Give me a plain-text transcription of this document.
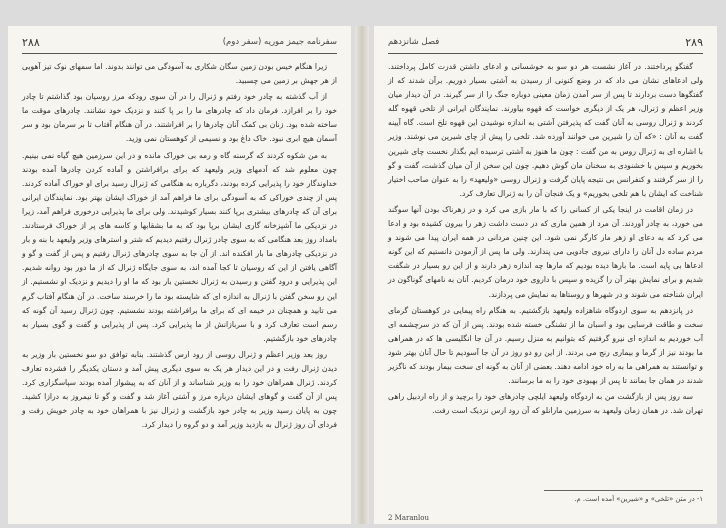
سفرنامه جیمز موریه (سفر دوم)
۲۸۸

زیرا هنگام خیس بودن زمین سگان شکاری به آسودگی می توانند بدوند. اما سمهای نوک تیز آهویی از هر جهش بر زمین می چسبید.

از آب گذشته به چادر خود رفتم و ژنرال را در آن سوی رودکه مرز روسیان بود گذاشتم تا چادر خود را بر افرازد. فرمان داد که چادرهای ما را بر پا کنند و نزدیک خود نشانند. چادرهای موقت ما ساخته شده بود. زنان بی کمک آنان چادرها را بر افراشتند. در آن هنگام آفتاب تا بر سرمان بود و سر آسمان هیچ ابری نبود. خاک داغ بود و نسیمی از کوهستان نمی وزید.

به من شکوه کردند که گرسنه گاه و رمه بی خوراک مانده و در این سرزمین هیچ گیاه نمی بینیم. چون معلوم شد که آدمهای وزیر ولیعهد که برای برافراشتن و آماده کردن چادرها آمده بودند خداوندگار خود را پذیرایی کرده بودند، دگرباره به هنگامی که ژنرال رسید برای او خوراک آماده کردند. پس از چندی خوراکی که به آسودگی برای ما فراهم آمد از خوراک ایشان بهتر بود. نمایندگان ایرانی برای آن که چادرهای بیشتری برپا کنند بسیار کوشیدند. ولی برای ما پذیرایی درخوری فراهم آمد، زیرا در نزدیکی ما آشپزخانه گاری ایشان برپا بود که به ما بشقابها و کاسه های پر از خوراک فرستادند. بامداد روز بعد هنگامی که به سوی چادر ژنرال رفتیم دیدیم که شتر و استرهای وزیر ولیعهد با بنه و بار در نزدیکی چادرهای ما بار افکنده اند. از آن جا به سوی چادرهای ژنرال رفتیم و پس از گفت و گو و آگاهی یافتن از این که روسیان تا کجا آمده اند، به سوی جایگاه ژنرال که از ما دور بود روانه شدیم. این پذیرایی و درود گفتن و رسیدن به ژنرال نخستین بار بود که ما او را دیدیم و نزدیک او نشستیم. از این رو سخن گفتن با ژنرال به اندازه ای که شایسته بود ما را خرسند ساخت. در آن هنگام آفتاب گرم می تابید و همچنان در خیمه ای که برای ما برافراشته بودند نشستیم. چون ژنرال رسید آن گونه که رسم است تعارف کرد و با سربازانش از ما پذیرایی کرد. پس از پذیرایی و گفت و گوی بسیار به چادرهای خود بازگشتیم.

روز بعد وزیر اعظم و ژنرال روسی از رود ارس گذشتند. بنابه توافق دو سو نخستین بار وزیر به دیدن ژنرال رفت و در این دیدار هر یک به سوی دیگری پیش آمد و دستان یکدیگر را فشرده تعارف کردند. ژنرال همراهان خود را به وزیر شناساند و از آنان که به پیشواز آمده بودند سپاسگزاری کرد. پس از آن گفت و گوهای ایشان درباره مرز و آشتی آغاز شد و گفت و گو تا نیمروز به درازا کشید. چون به پایان رسید وزیر به چادر خود بازگشت و ژنرال نیز با همراهان خود به چادر خویش رفت و فردای آن روز ژنرال به بازدید وزیر آمد و دو گروه را دیدار کرد.

۲۸۹
فصل شانزدهم

گفتگو پرداختند. در آغاز نشست هر دو سو به خوشسانی و ادعای داشتن قدرت کامل پرداختند. ولی ادعاهای نشان می داد که در وضع کنونی از رسیدن به آشتی بسیار دوریم. برآن شدند که از گفتگوها دست بردارند تا پس از سر آمدن زمان معینی دوباره جنگ را از سر گیرند. در آن دیدار میان وزیر اعظم و ژنرال، هر یک از دیگری خواست که قهوه بیاورند. نمایندگان ایرانی از تلخی قهوه گله کردند و ژنرال روسی به آنان گفت که پذیرفتن آشتی به اندازه نوشیدن این قهوه تلخ است. گاه آیینه گفت به آنان : «که آن را شیرین می خوانند آورده شد. تلخی را پیش از چای شیرین می نوشند. وزیر با اشاره ای به ژنرال روس به من گفت : چون ما هنوز به آشتی ترسیده ایم بگذار نخست چای شیرین بخوریم و سپس با خشنودی به سخنان مان گوش دهیم. چون این سخن از آن میان گذشت، گفت و گو را از سر گرفتند و کنفرانس بی نتیجه پایان گرفت و ژنرال روسی «ولیعهد» را به عنوان صاحب اختیار شناخت که ایشان با هم تلخی بخوریم» و یک فنجان آن را به ژنرال تعارف کرد.

در زمان اقامت در اینجا یکی از کسانی را که با مار بازی می کرد و در زهرناک بودن آنها سوگند می خورد، به چادر آوردند. آن مرد از همین ماری که در دست داشت زهر را بیرون کشیده بود و ادعا می کرد که به دعای او زهر مار کارگر نمی شود. این چنین مردانی در همه ایران پیدا می شوند و مردم ساده دل آنان را دارای نیروی جادویی می پندارند. ولی ما پس از آزمودن دانستیم که این گونه ادعاها بی پایه است. ما بارها دیده بودیم که مارها چه اندازه زهر دارند و از این رو بسیار در شگفت شدیم و برای نمایش بهتر آن را گزیده و سپس با داروی خود درمان کردیم. آنان به نامهای گوناگون در ایران شناخته می شوند و در شهرها و روستاها به نمایش می پردازند.

در پانزدهم به سوی اردوگاه شاهزاده ولیعهد بازگشتیم. به هنگام راه پیمایی در کوهستان گرمای سخت و طاقت فرسایی بود و اسبان ما از تشنگی خسته شده بودند. پس از آن که در سرچشمه ای آب خوردیم به اندازه ای نیرو گرفتیم که بتوانیم به منزل رسیم. در آن جا انگلیسی ها که در همراهی ما بودند نیز از گرما و بیماری رنج می بردند. از این رو دو روز در آن جا آسودیم تا حال آنان بهتر شود و توانستند به همراهی ما به راه خود ادامه دهند. بعضی از آنان به گونه ای سخت بیمار بودند که ناگزیر شدند در همان جا بمانند تا پس از بهبودی خود را به ما برسانند.

سه روز پس از بازگشت من به اردوگاه ولیعهد ایلچی چادرهای خود را برچید و از راه اردبیل راهی تهران شد. در همان زمان ولیعهد به سرزمین مارانلو که آن رود ارس نزدیک است رفت.

۱- در متن «تلخی» و «شیرین» آمده است. م.
2 Maranlou
